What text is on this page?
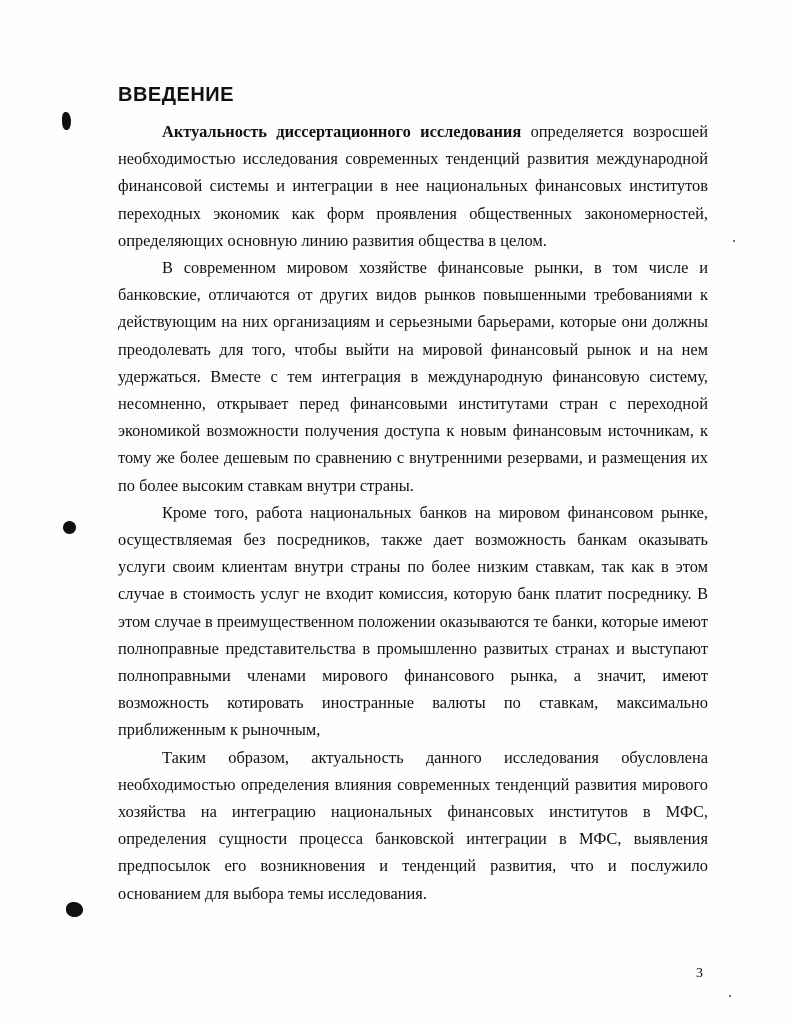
ВВЕДЕНИЕ

Актуальность диссертационного исследования определяется возросшей необходимостью исследования современных тенденций развития международной финансовой системы и интеграции в нее национальных финансовых институтов переходных экономик как форм проявления общественных закономерностей, определяющих основную линию развития общества в целом.

В современном мировом хозяйстве финансовые рынки, в том числе и банковские, отличаются от других видов рынков повышенными требованиями к действующим на них организациям и серьезными барьерами, которые они должны преодолевать для того, чтобы выйти на мировой финансовый рынок и на нем удержаться. Вместе с тем интеграция в международную финансовую систему, несомненно, открывает перед финансовыми институтами стран с переходной экономикой возможности получения доступа к новым финансовым источникам, к тому же более дешевым по сравнению с внутренними резервами, и размещения их по более высоким ставкам внутри страны.

Кроме того, работа национальных банков на мировом финансовом рынке, осуществляемая без посредников, также дает возможность банкам оказывать услуги своим клиентам внутри страны по более низким ставкам, так как в этом случае в стоимость услуг не входит комиссия, которую банк платит посреднику. В этом случае в преимущественном положении оказываются те банки, которые имеют полноправные представительства в промышленно развитых странах и выступают полноправными членами мирового финансового рынка, а значит, имеют возможность котировать иностранные валюты по ставкам, максимально приближенным к рыночным,

Таким образом, актуальность данного исследования обусловлена необходимостью определения влияния современных тенденций развития мирового хозяйства на интеграцию национальных финансовых институтов в МФС, определения сущности процесса банковской интеграции в МФС, выявления предпосылок его возникновения и тенденций развития, что и послужило основанием для выбора темы исследования.

3
